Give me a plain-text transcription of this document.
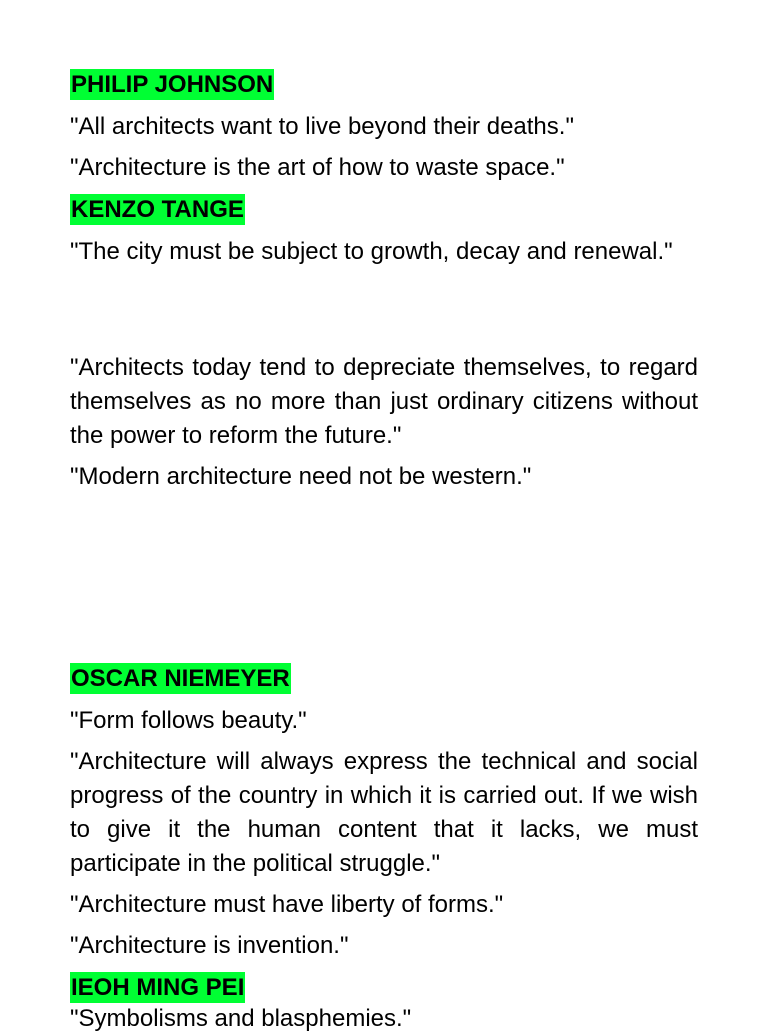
PHILIP JOHNSON
"All architects want to live beyond their deaths."
"Architecture is the art of how to waste space."
KENZO TANGE
"The city must be subject to growth, decay and renewal."
"Architects today tend to depreciate themselves, to regard themselves as no more than just ordinary citizens without the power to reform the future."
"Modern architecture need not be western."
OSCAR NIEMEYER
"Form follows beauty."
"Architecture will always express the technical and social progress of the country in which it is carried out. If we wish to give it the human content that it lacks, we must participate in the political struggle."
"Architecture must have liberty of forms."
"Architecture is invention."
IEOH MING PEI
"Symbolisms and blasphemies."
